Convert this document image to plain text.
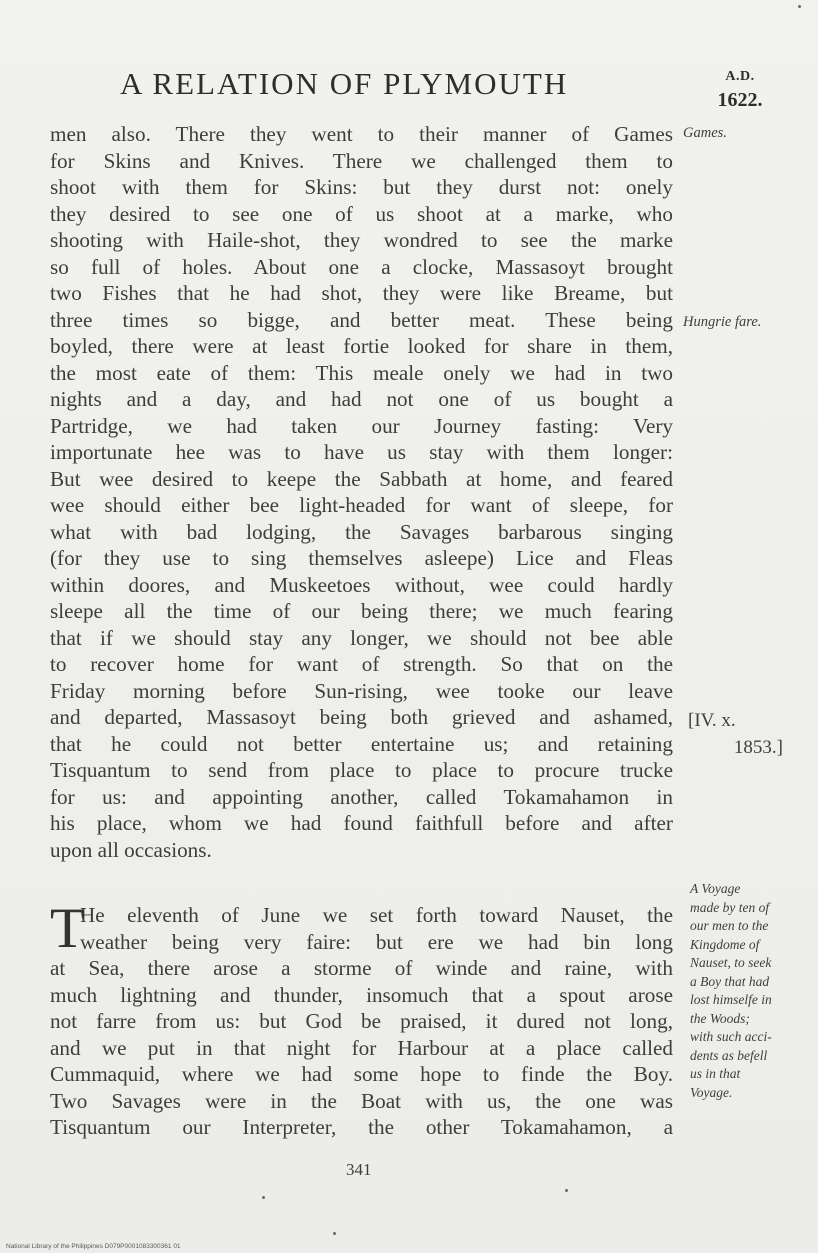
A RELATION OF PLYMOUTH	A.D.
1622.
men also. There they went to their manner of Games
for Skins and Knives. There we challenged them to
shoot with them for Skins: but they durst not: onely
they desired to see one of us shoot at a marke, who
shooting with Haile-shot, they wondred to see the marke
so full of holes. About one a clocke, Massasoyt brought
two Fishes that he had shot, they were like Breame, but
three times so bigge, and better meat. These being
boyled, there were at least fortie looked for share in them,
the most eate of them: This meale onely we had in two
nights and a day, and had not one of us bought a
Partridge, we had taken our Journey fasting: Very
importunate hee was to have us stay with them longer:
But wee desired to keepe the Sabbath at home, and feared
wee should either bee light-headed for want of sleepe, for
what with bad lodging, the Savages barbarous singing
(for they use to sing themselves asleepe) Lice and Fleas
within doores, and Muskeetoes without, wee could hardly
sleepe all the time of our being there; we much fearing
that if we should stay any longer, we should not bee able
to recover home for want of strength. So that on the
Friday morning before Sun-rising, wee tooke our leave
and departed, Massasoyt being both grieved and ashamed,
that he could not better entertaine us; and retaining
Tisquantum to send from place to place to procure trucke
for us: and appointing another, called Tokamahamon in
his place, whom we had found faithfull before and after
upon all occasions.
T
He eleventh of June we set forth toward Nauset, the
weather being very faire: but ere we had bin long
at Sea, there arose a storme of winde and raine, with
much lightning and thunder, insomuch that a spout arose
not farre from us: but God be praised, it dured not long,
and we put in that night for Harbour at a place called
Cummaquid, where we had some hope to finde the Boy.
Two Savages were in the Boat with us, the one was
Tisquantum our Interpreter, the other Tokamahamon, a
Games.
Hungrie fare.
[IV. x.
1853.]
A Voyage
made by ten of
our men to the
Kingdome of
Nauset, to seek
a Boy that had
lost himselfe in
the Woods;
with such acci-
dents as befell
us in that
Voyage.
341
National Library of the Philippines D079P0001083300361 01
